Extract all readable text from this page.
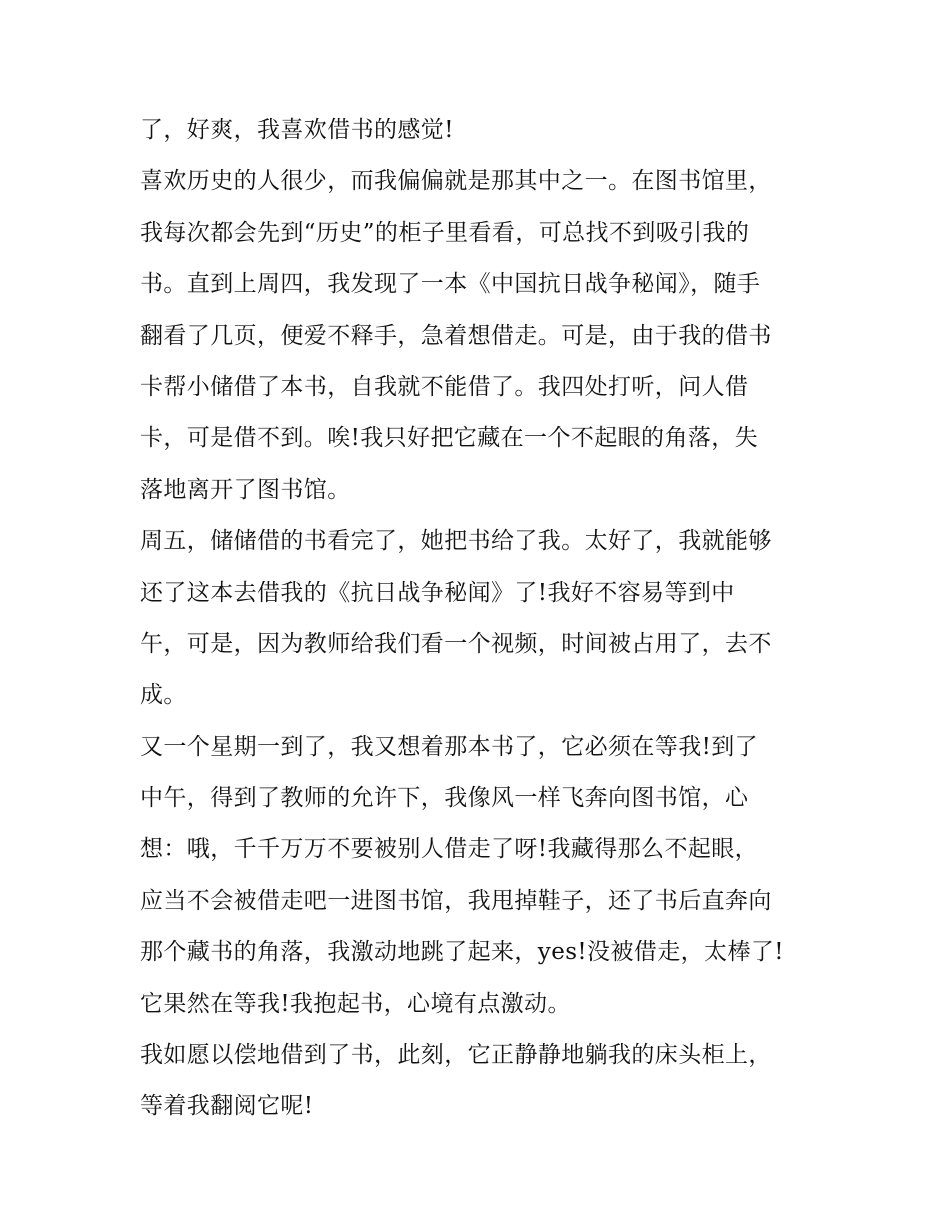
了，好爽，我喜欢借书的感觉!
喜欢历史的人很少，而我偏偏就是那其中之一。在图书馆里，
我每次都会先到“历史”的柜子里看看，可总找不到吸引我的
书。直到上周四，我发现了一本《中国抗日战争秘闻》，随手
翻看了几页，便爱不释手，急着想借走。可是，由于我的借书
卡帮小储借了本书，自我就不能借了。我四处打听，问人借
卡，可是借不到。唉!我只好把它藏在一个不起眼的角落，失
落地离开了图书馆。
周五，储储借的书看完了，她把书给了我。太好了，我就能够
还了这本去借我的《抗日战争秘闻》了!我好不容易等到中
午，可是，因为教师给我们看一个视频，时间被占用了，去不
成。
又一个星期一到了，我又想着那本书了，它必须在等我!到了
中午，得到了教师的允许下，我像风一样飞奔向图书馆，心
想：哦，千千万万不要被别人借走了呀!我藏得那么不起眼，
应当不会被借走吧一进图书馆，我甩掉鞋子，还了书后直奔向
那个藏书的角落，我激动地跳了起来，yes!没被借走，太棒了!
它果然在等我!我抱起书，心境有点激动。
我如愿以偿地借到了书，此刻，它正静静地躺我的床头柜上，
等着我翻阅它呢!
